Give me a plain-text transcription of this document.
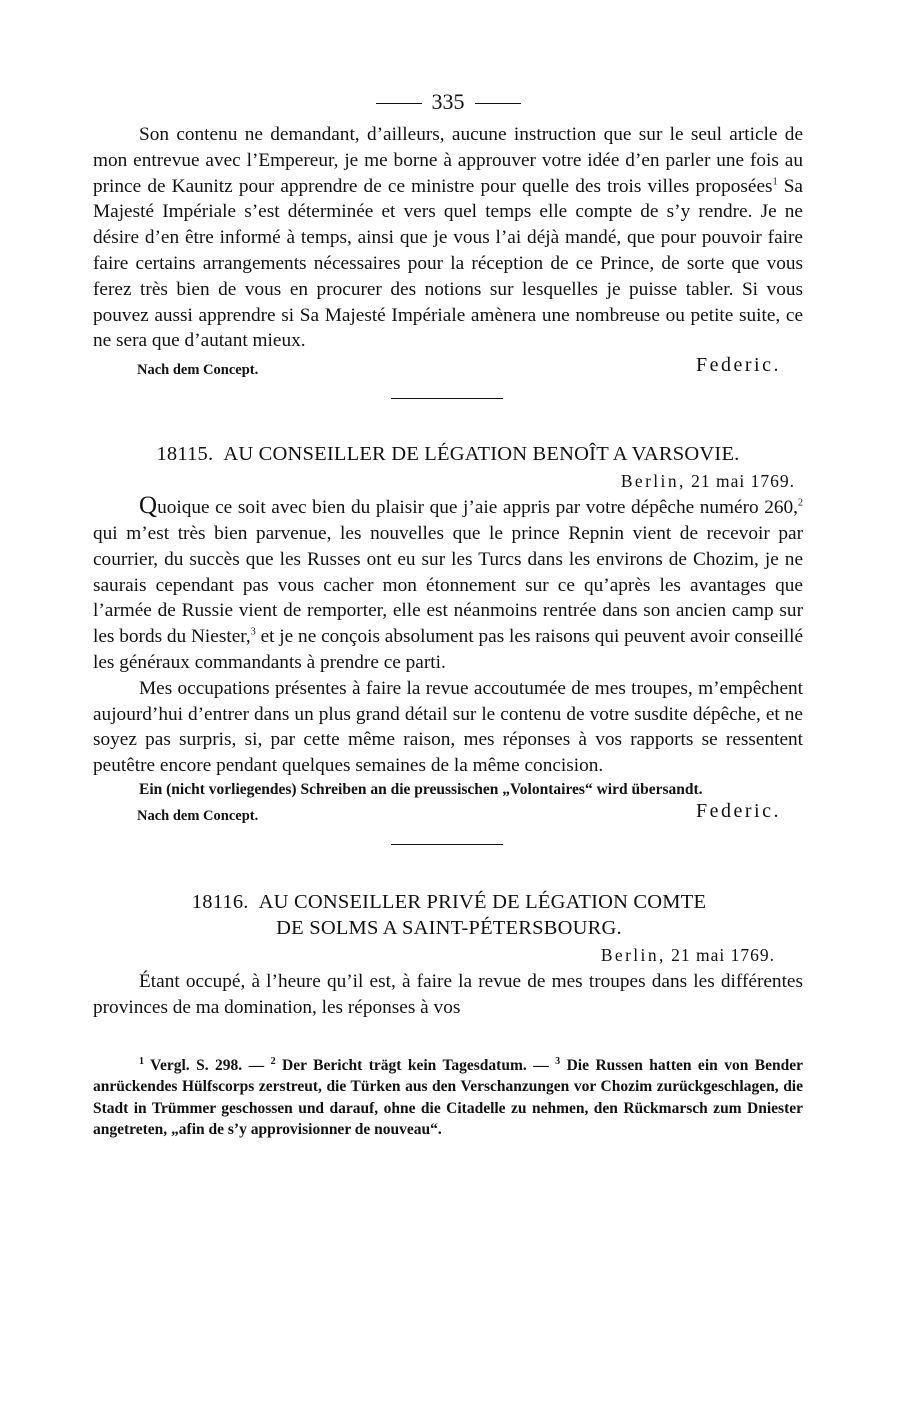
335

Son contenu ne demandant, d’ailleurs, aucune instruction que sur le seul article de mon entrevue avec l’Empereur, je me borne à approuver votre idée d’en parler une fois au prince de Kaunitz pour apprendre de ce ministre pour quelle des trois villes proposées$^1$ Sa Majesté Impériale s’est déterminée et vers quel temps elle compte de s’y rendre. Je ne désire d’en être informé à temps, ainsi que je vous l’ai déjà mandé, que pour pouvoir faire faire certains arrangements nécessaires pour la réception de ce Prince, de sorte que vous ferez très bien de vous en procurer des notions sur lesquelles je puisse tabler. Si vous pouvez aussi apprendre si Sa Majesté Impériale amènera une nombreuse ou petite suite, ce ne sera que d’autant mieux.

Nach dem Concept.	Federic.
18115. AU CONSEILLER DE LÉGATION BENOÎT A VARSOVIE.
Berlin, 21 mai 1769.

Quoique ce soit avec bien du plaisir que j’aie appris par votre dépêche numéro 260,$^2$ qui m’est très bien parvenue, les nouvelles que le prince Repnin vient de recevoir par courrier, du succès que les Russes ont eu sur les Turcs dans les environs de Chozim, je ne saurais cependant pas vous cacher mon étonnement sur ce qu’après les avantages que l’armée de Russie vient de remporter, elle est néanmoins rentrée dans son ancien camp sur les bords du Niester,$^3$ et je ne conçois absolument pas les raisons qui peuvent avoir conseillé les généraux commandants à prendre ce parti.

Mes occupations présentes à faire la revue accoutumée de mes troupes, m’empêchent aujourd’hui d’entrer dans un plus grand détail sur le contenu de votre susdite dépêche, et ne soyez pas surpris, si, par cette même raison, mes réponses à vos rapports se ressentent peutêtre encore pendant quelques semaines de la même concision.

Ein (nicht vorliegendes) Schreiben an die preussischen „Volontaires“ wird übersandt.

Nach dem Concept.	Federic.
18116. AU CONSEILLER PRIVÉ DE LÉGATION COMTE
DE SOLMS A SAINT-PÉTERSBOURG.
Berlin, 21 mai 1769.

Étant occupé, à l’heure qu’il est, à faire la revue de mes troupes dans les différentes provinces de ma domination, les réponses à vos

$^1$ Vergl. S. 298. — $^2$ Der Bericht trägt kein Tagesdatum. — $^3$ Die Russen hatten ein von Bender anrückendes Hülfscorps zerstreut, die Türken aus den Verschanzungen vor Chozim zurückgeschlagen, die Stadt in Trümmer geschossen und darauf, ohne die Citadelle zu nehmen, den Rückmarsch zum Dniester angetreten, „afin de s’y approvisionner de nouveau“.
